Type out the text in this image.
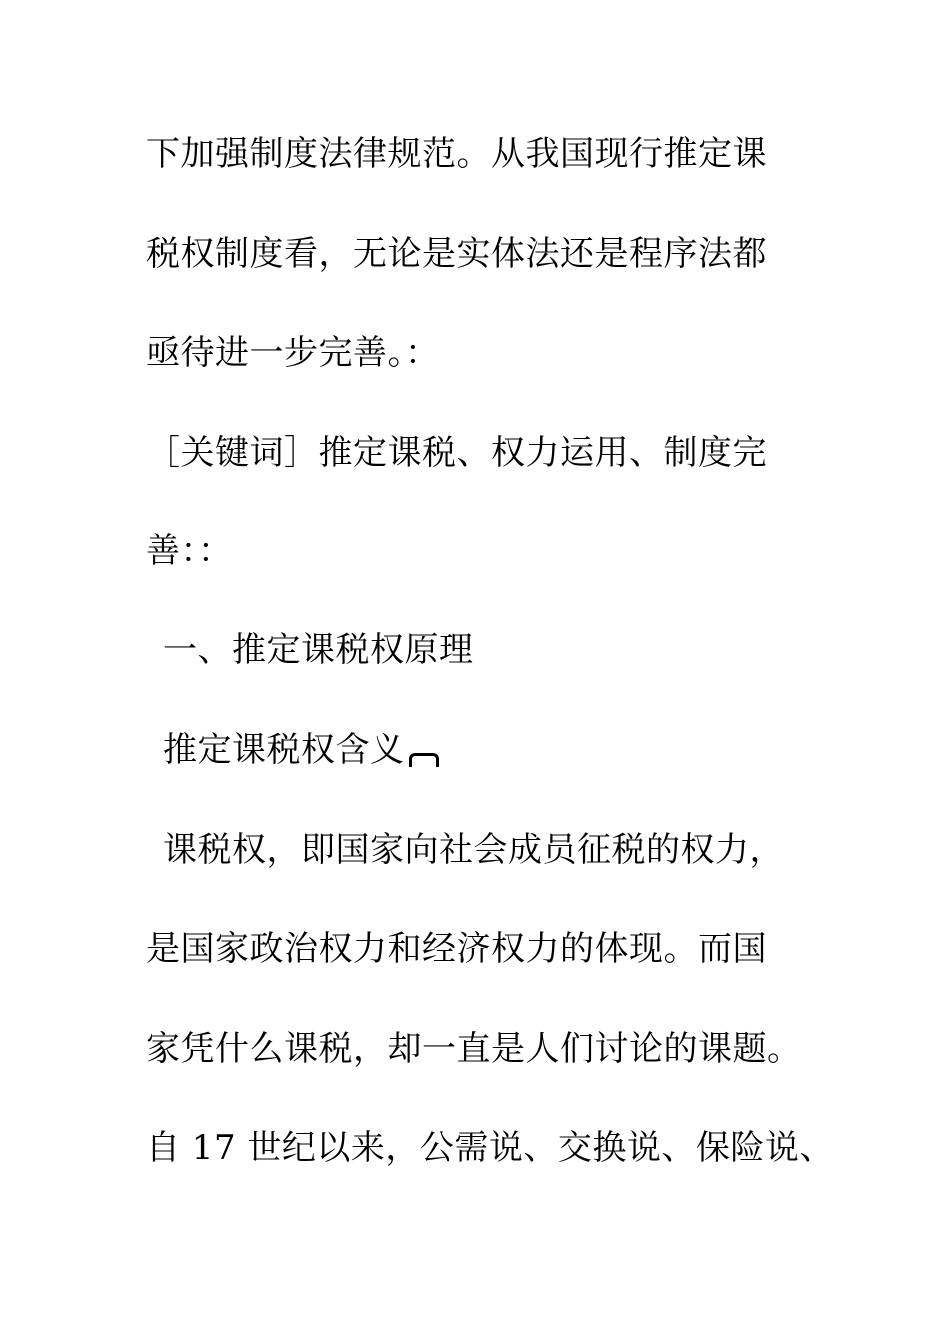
下加强制度法律规范。从我国现行推定课
税权制度看，无论是实体法还是程序法都
亟待进一步完善。：
［关键词］推定课税、权力运用、制度完
善：：
一、推定课税权原理
推定课税权含义
课税权，即国家向社会成员征税的权力，
是国家政治权力和经济权力的体现。而国
家凭什么课税，却一直是人们讨论的课题。
自 17 世纪以来，公需说、交换说、保险说、
